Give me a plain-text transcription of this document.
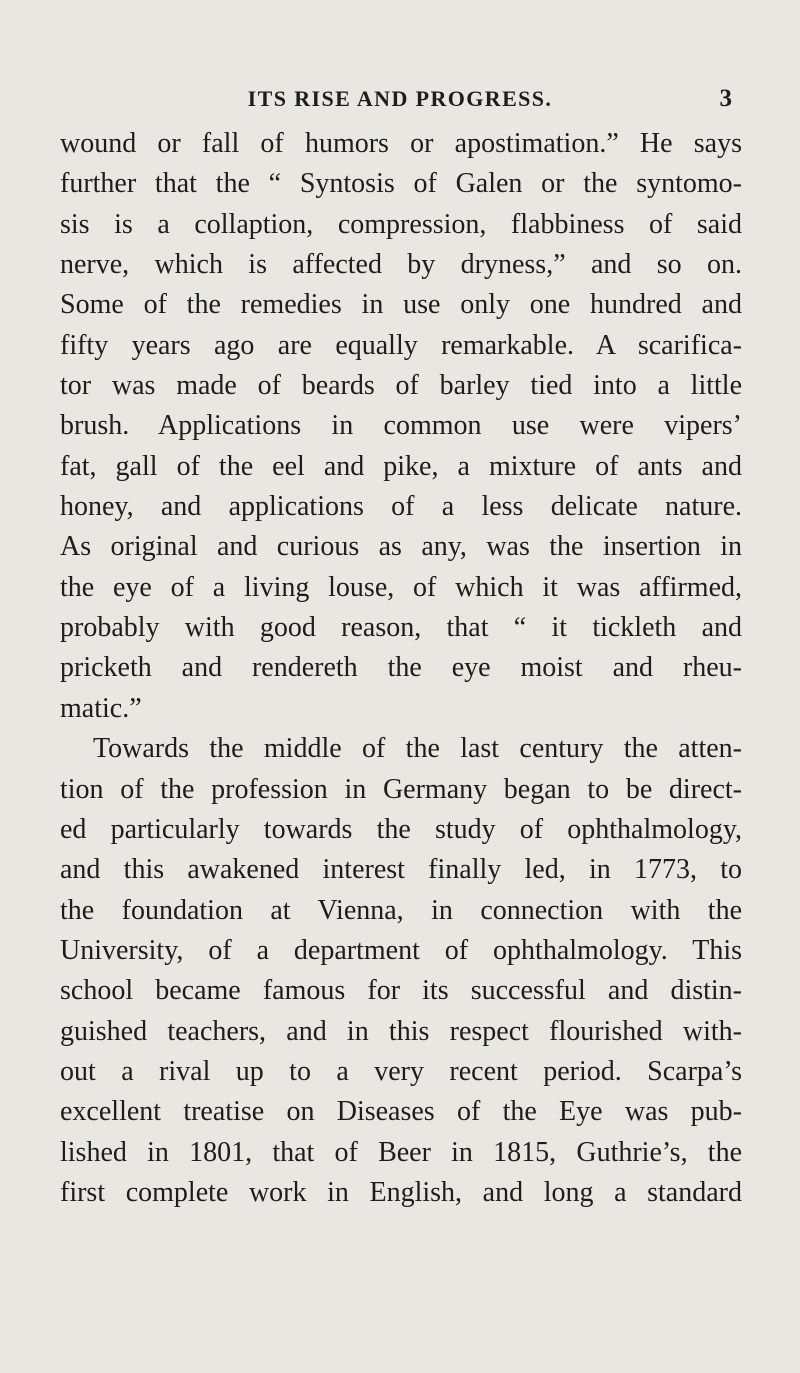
ITS RISE AND PROGRESS.	3
wound or fall of humors or apostimation.” He says
further that the “ Syntosis of Galen or the syntomo-
sis is a collaption, compression, flabbiness of said
nerve, which is affected by dryness,” and so on.
Some of the remedies in use only one hundred and
fifty years ago are equally remarkable. A scarifica-
tor was made of beards of barley tied into a little
brush. Applications in common use were vipers’
fat, gall of the eel and pike, a mixture of ants and
honey, and applications of a less delicate nature.
As original and curious as any, was the insertion in
the eye of a living louse, of which it was affirmed,
probably with good reason, that “ it tickleth and
pricketh and rendereth the eye moist and rheu-
matic.”
Towards the middle of the last century the atten-
tion of the profession in Germany began to be direct-
ed particularly towards the study of ophthalmology,
and this awakened interest finally led, in 1773, to
the foundation at Vienna, in connection with the
University, of a department of ophthalmology. This
school became famous for its successful and distin-
guished teachers, and in this respect flourished with-
out a rival up to a very recent period. Scarpa’s
excellent treatise on Diseases of the Eye was pub-
lished in 1801, that of Beer in 1815, Guthrie’s, the
first complete work in English, and long a standard
